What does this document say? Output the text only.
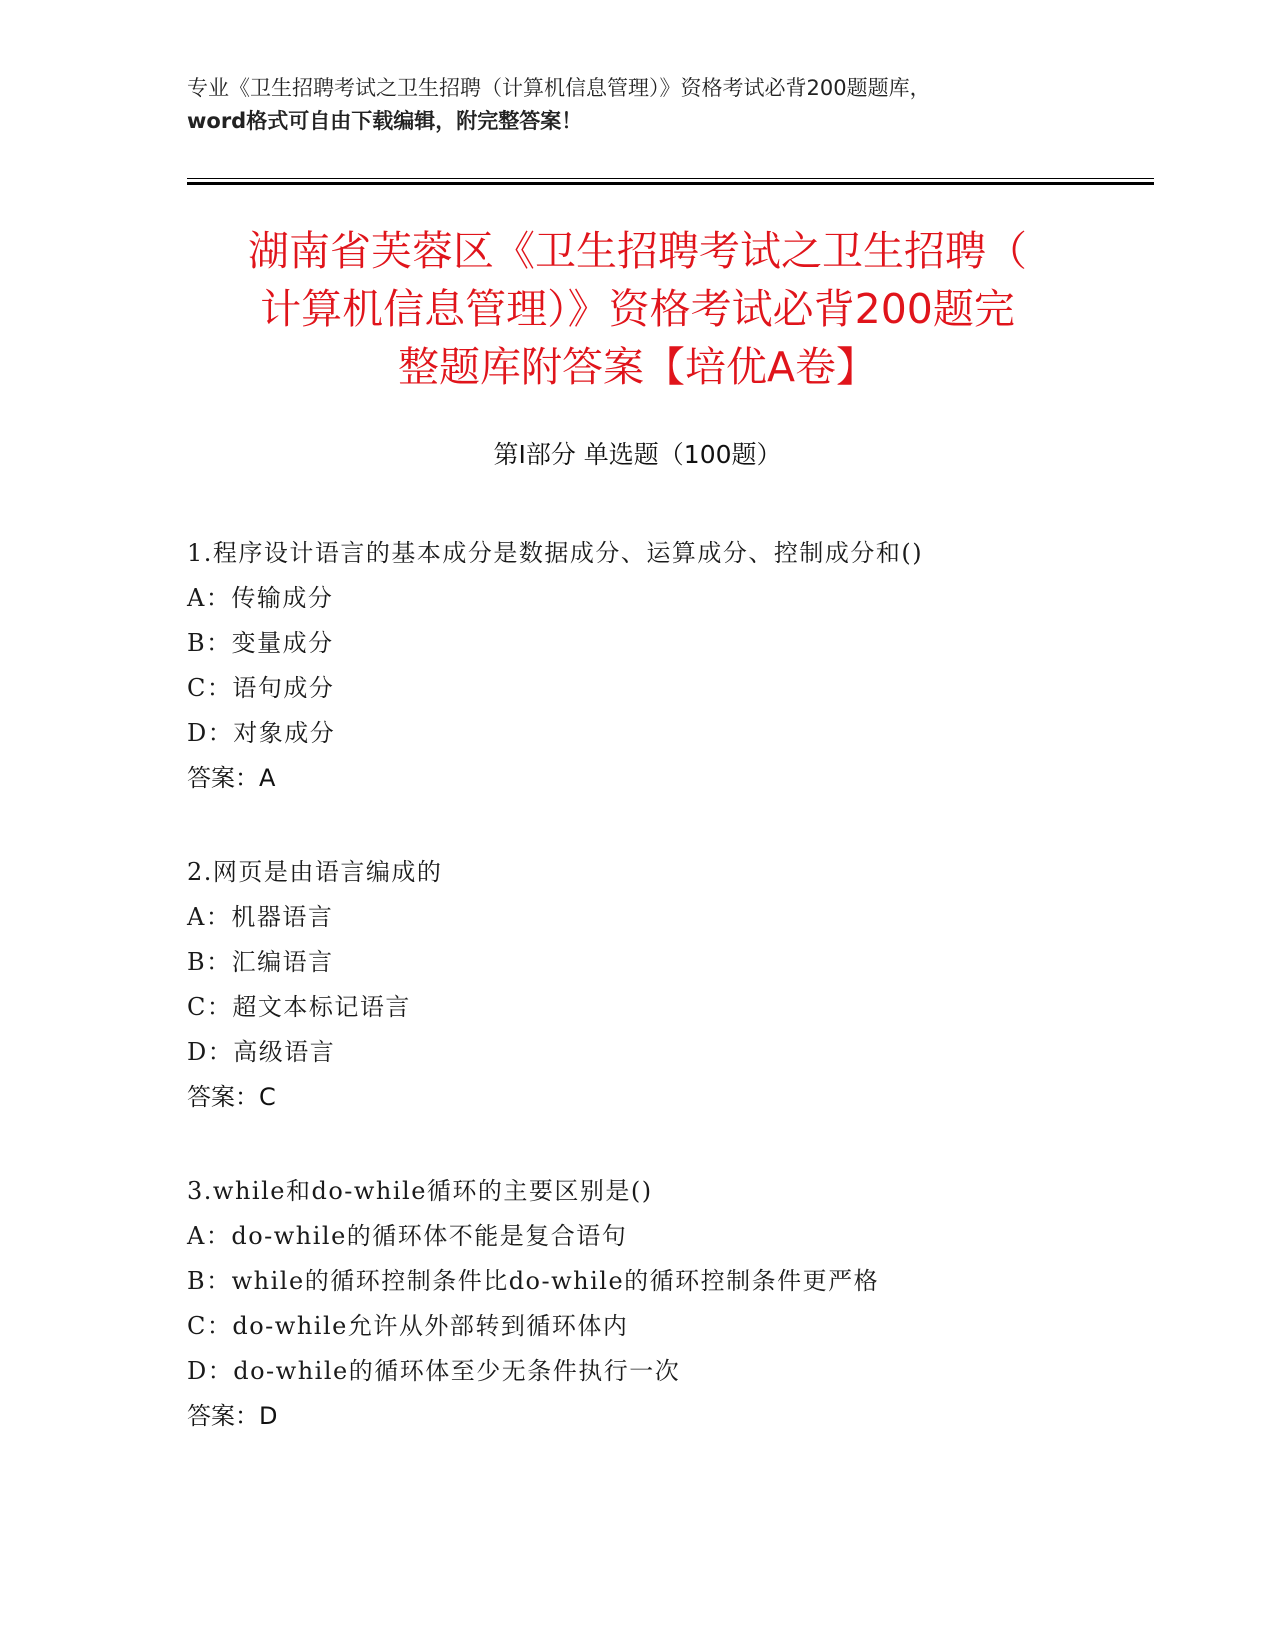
专业《卫生招聘考试之卫生招聘（计算机信息管理）》资格考试必背200题题库，
word格式可自由下载编辑，附完整答案！
湖南省芙蓉区《卫生招聘考试之卫生招聘（
计算机信息管理）》资格考试必背200题完
整题库附答案【培优A卷】
第Ⅰ部分 单选题（100题）
1.程序设计语言的基本成分是数据成分、运算成分、控制成分和()
A：传输成分
B：变量成分
C：语句成分
D：对象成分
答案：A
2.网页是由语言编成的
A：机器语言
B：汇编语言
C：超文本标记语言
D：高级语言
答案：C
3.while和do-while循环的主要区别是()
A：do-while的循环体不能是复合语句
B：while的循环控制条件比do-while的循环控制条件更严格
C：do-while允许从外部转到循环体内
D：do-while的循环体至少无条件执行一次
答案：D
